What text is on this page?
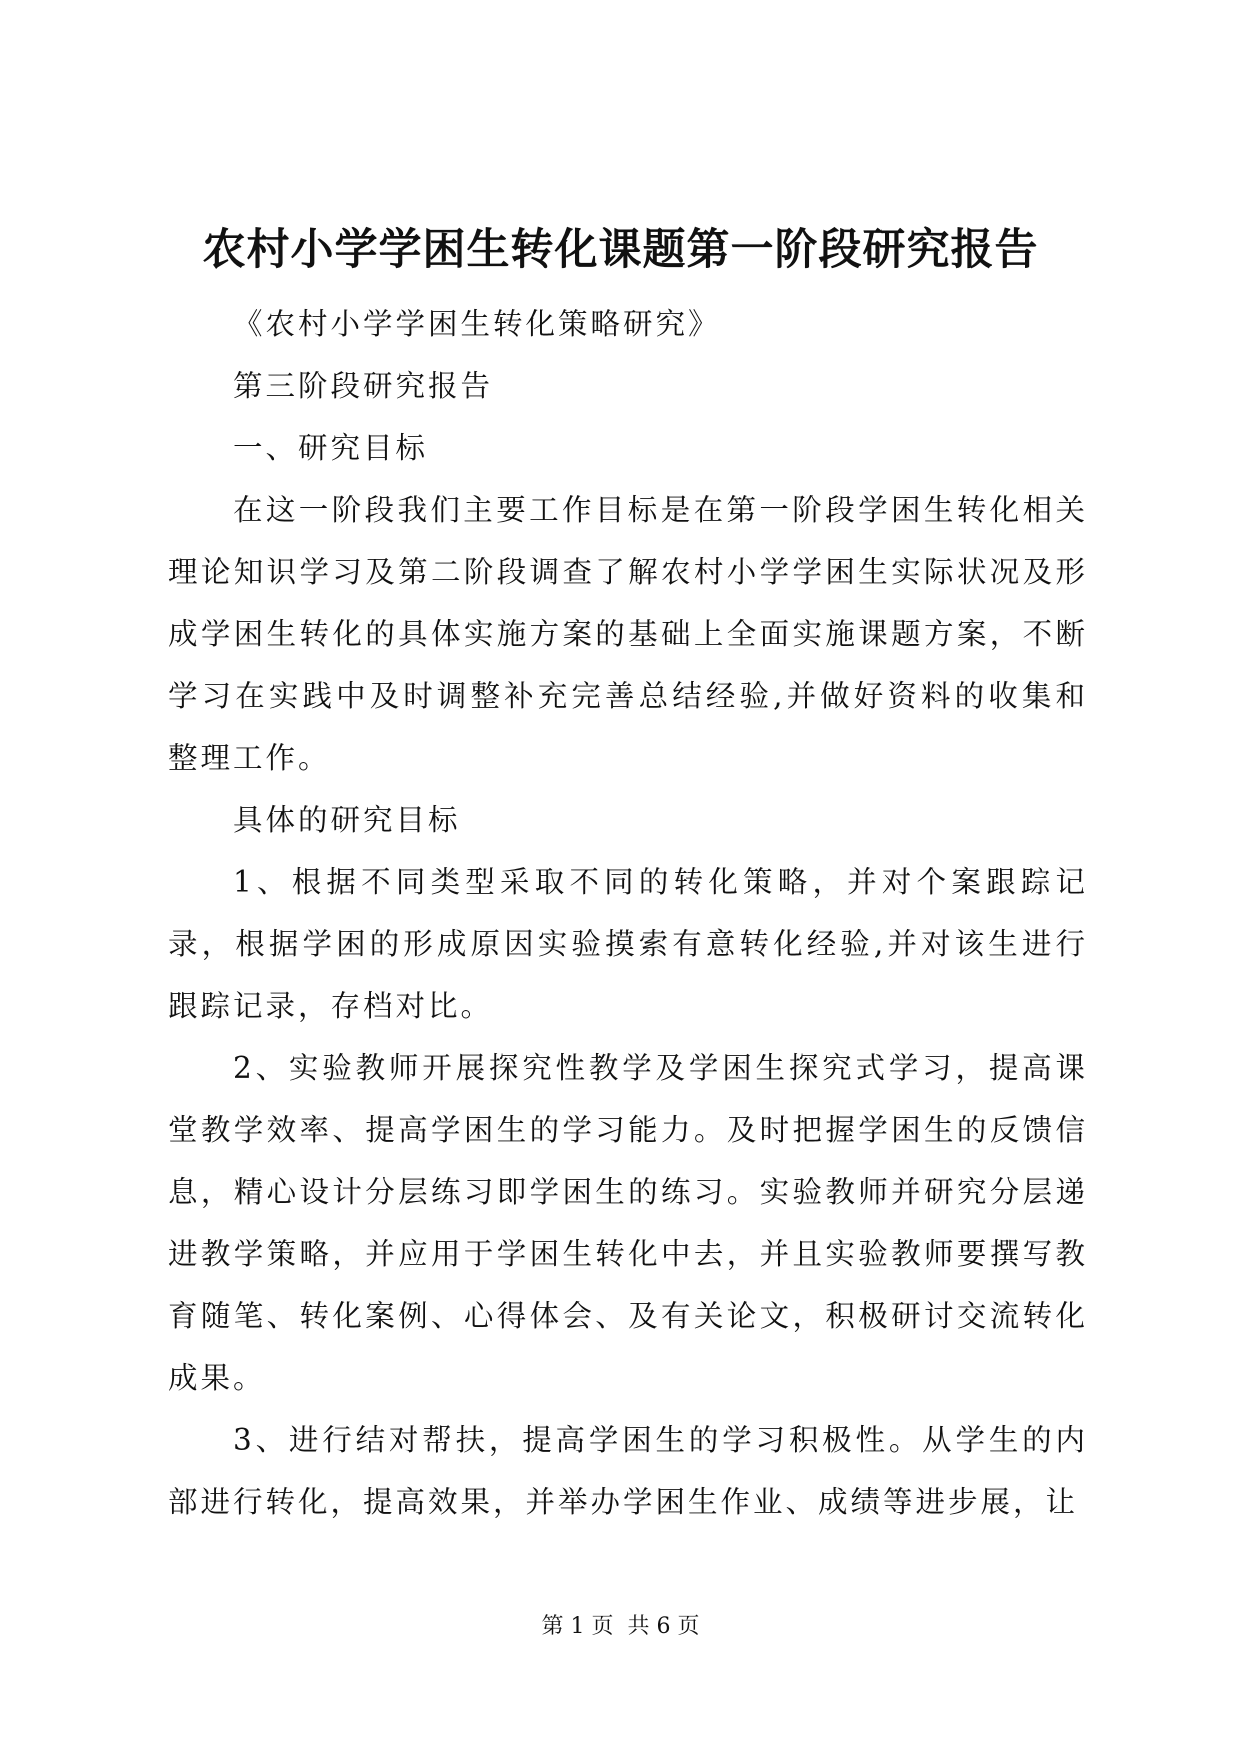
农村小学学困生转化课题第一阶段研究报告

《农村小学学困生转化策略研究》

第三阶段研究报告

一、研究目标

在这一阶段我们主要工作目标是在第一阶段学困生转化相关理论知识学习及第二阶段调查了解农村小学学困生实际状况及形成学困生转化的具体实施方案的基础上全面实施课题方案，不断学习在实践中及时调整补充完善总结经验,并做好资料的收集和整理工作。

具体的研究目标

1、根据不同类型采取不同的转化策略，并对个案跟踪记录，根据学困的形成原因实验摸索有意转化经验,并对该生进行跟踪记录，存档对比。

2、实验教师开展探究性教学及学困生探究式学习，提高课堂教学效率、提高学困生的学习能力。及时把握学困生的反馈信息，精心设计分层练习即学困生的练习。实验教师并研究分层递进教学策略，并应用于学困生转化中去，并且实验教师要撰写教育随笔、转化案例、心得体会、及有关论文，积极研讨交流转化成果。

3、进行结对帮扶，提高学困生的学习积极性。从学生的内部进行转化，提高效果，并举办学困生作业、成绩等进步展，让

第 1 页 共 6 页
